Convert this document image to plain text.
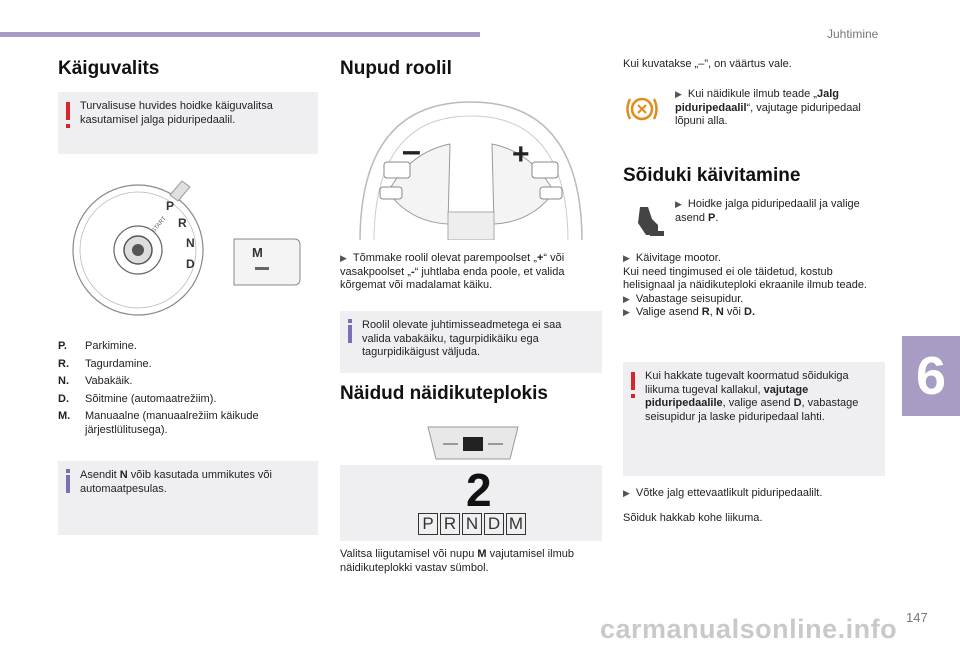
Juhtimine
6
carmanualsonline.info 147
Käiguvalits
Turvalisuse huvides hoidke käiguvalitsa kasutamisel jalga piduripedaalil.
START
P
R
N
D
M
P.	Parkimine.
R.	Tagurdamine.
N.	Vabakäik.
D.	Sõitmine (automaatrežiim).
M.	Manuaalne (manuaalrežiim käikude järjestlülitusega).
Asendit N võib kasutada ummikutes või automaatpesulas.
Nupud roolil
–	+
▶ Tõmmake roolil olevat parempoolset „+“ või vasakpoolset „-“ juhtlaba enda poole, et valida kõrgemat või madalamat käiku.
Roolil olevate juhtimisseadmetega ei saa valida vabakäiku, tagurpidikäiku ega tagurpidikäigust väljuda.
Näidud näidikuteplokis
2
P R N D M
Valitsa liigutamisel või nupu M vajutamisel ilmub näidikuteplokki vastav sümbol.
Kui kuvatakse „–”, on väärtus vale.
▶ Kui näidikule ilmub teade „Jalg piduripedaalil“, vajutage piduripedaal lõpuni alla.
Sõiduki käivitamine
▶ Hoidke jalga piduripedaalil ja valige asend P.
▶ Käivitage mootor.
Kui need tingimused ei ole täidetud, kostub helisignaal ja näidikuteploki ekraanile ilmub teade.
▶ Vabastage seisupidur.
▶ Valige asend R, N või D.
Kui hakkate tugevalt koormatud sõidukiga liikuma tugeval kallakul, vajutage piduripedaalile, valige asend D, vabastage seisupidur ja laske piduripedaal lahti.
▶ Võtke jalg ettevaatlikult piduripedaalilt.
Sõiduk hakkab kohe liikuma.
